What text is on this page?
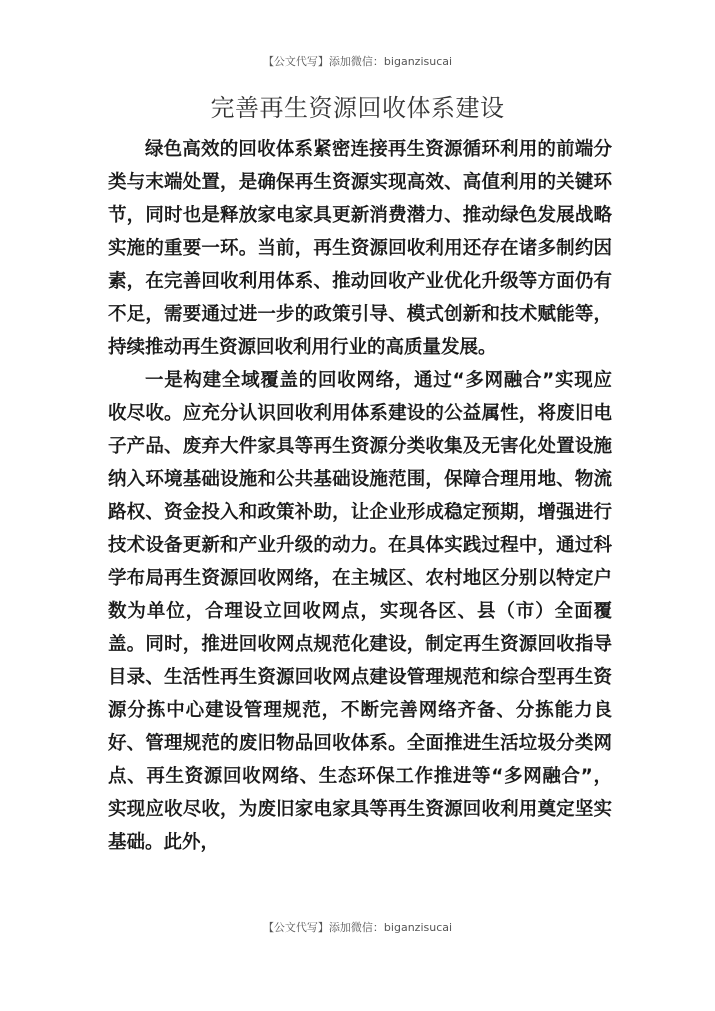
【公文代写】添加微信：biganzisucai
完善再生资源回收体系建设

绿色高效的回收体系紧密连接再生资源循环利用的前端分类与末端处置，是确保再生资源实现高效、高值利用的关键环节，同时也是释放家电家具更新消费潜力、推动绿色发展战略实施的重要一环。当前，再生资源回收利用还存在诸多制约因素，在完善回收利用体系、推动回收产业优化升级等方面仍有不足，需要通过进一步的政策引导、模式创新和技术赋能等，持续推动再生资源回收利用行业的高质量发展。

一是构建全域覆盖的回收网络，通过“多网融合”实现应收尽收。应充分认识回收利用体系建设的公益属性，将废旧电子产品、废弃大件家具等再生资源分类收集及无害化处置设施纳入环境基础设施和公共基础设施范围，保障合理用地、物流路权、资金投入和政策补助，让企业形成稳定预期，增强进行技术设备更新和产业升级的动力。在具体实践过程中，通过科学布局再生资源回收网络，在主城区、农村地区分别以特定户数为单位，合理设立回收网点，实现各区、县（市）全面覆盖。同时，推进回收网点规范化建设，制定再生资源回收指导目录、生活性再生资源回收网点建设管理规范和综合型再生资源分拣中心建设管理规范，不断完善网络齐备、分拣能力良好、管理规范的废旧物品回收体系。全面推进生活垃圾分类网点、再生资源回收网络、生态环保工作推进等“多网融合”，实现应收尽收，为废旧家电家具等再生资源回收利用奠定坚实基础。此外，

【公文代写】添加微信：biganzisucai
